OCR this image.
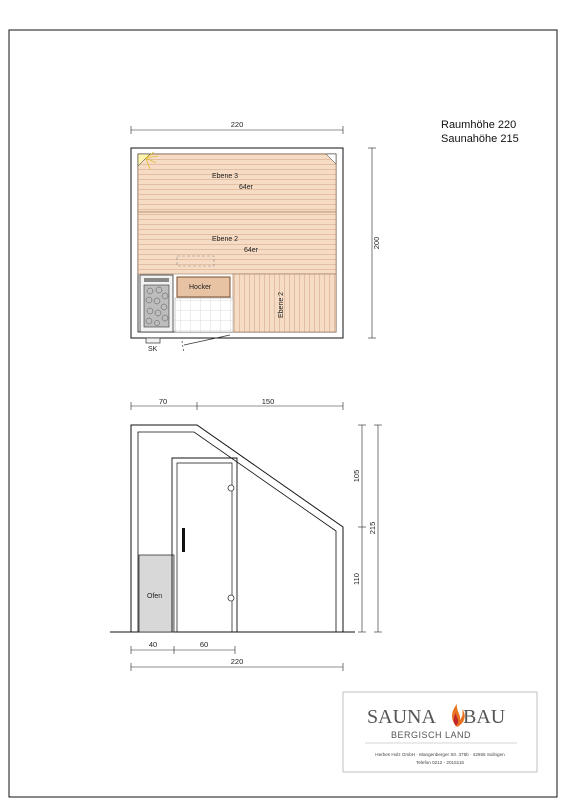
Raumhöhe 220
Saunahöhe 215
220
200
SK
Ebene 3
64er
Ebene 2
64er
Hocker
Ebene 2
70	150
105
110
215
Ofen
40	60
220
SAUNA BAU
BERGISCH LAND
Herbes Holz GmbH · Mangenberger Str. 375b · 42655 Solingen
Telefon 0212 - 2015115
